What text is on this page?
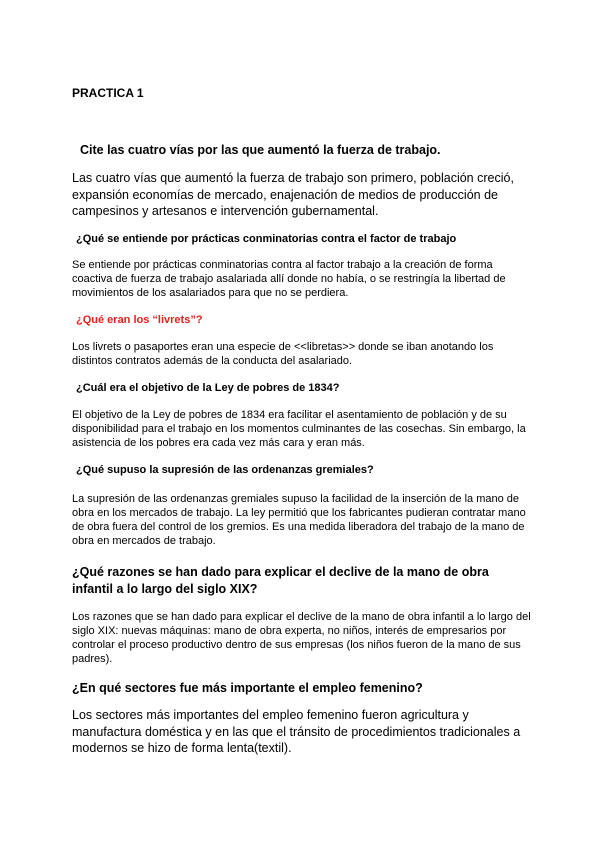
PRACTICA 1
Cite las cuatro vías por las que aumentó la fuerza de trabajo.
Las cuatro vías que aumentó la fuerza de trabajo son primero, población creció, expansión economías de mercado, enajenación de medios de producción de campesinos y artesanos e intervención gubernamental.
¿Qué se entiende por prácticas conminatorias contra el factor de trabajo
Se entiende por prácticas conminatorias contra al factor trabajo a la creación de forma coactiva de fuerza de trabajo asalariada allí donde no había, o se restringía la libertad de movimientos de los asalariados para que no se perdiera.
¿Qué eran los “livrets”?
Los livrets o pasaportes eran una especie de <<libretas>> donde se iban anotando los distintos contratos además de la conducta del asalariado.
¿Cuál era el objetivo de la Ley de pobres de 1834?
El objetivo de la Ley de pobres de 1834 era facilitar el asentamiento de población y de su disponibilidad para el trabajo en los momentos culminantes de las cosechas. Sin embargo, la asistencia de los pobres era cada vez más cara y eran más.
¿Qué supuso la supresión de las ordenanzas gremiales?
La supresión de las ordenanzas gremiales supuso la facilidad de la inserción de la mano de obra en los mercados de trabajo. La ley permitió que los fabricantes pudieran contratar mano de obra fuera del control de los gremios. Es una medida liberadora del trabajo de la mano de obra en mercados de trabajo.
¿Qué razones se han dado para explicar el declive de la mano de obra infantil a lo largo del siglo XIX?
Los razones que se han dado para explicar el declive de la mano de obra infantil a lo largo del siglo XIX: nuevas máquinas: mano de obra experta, no niños, interés de empresarios por controlar el proceso productivo dentro de sus empresas (los niños fueron de la mano de sus padres).
¿En qué sectores fue más importante el empleo femenino?
Los sectores más importantes del empleo femenino fueron agricultura y manufactura doméstica y en las que el tránsito de procedimientos tradicionales a modernos se hizo de forma lenta(textil).
